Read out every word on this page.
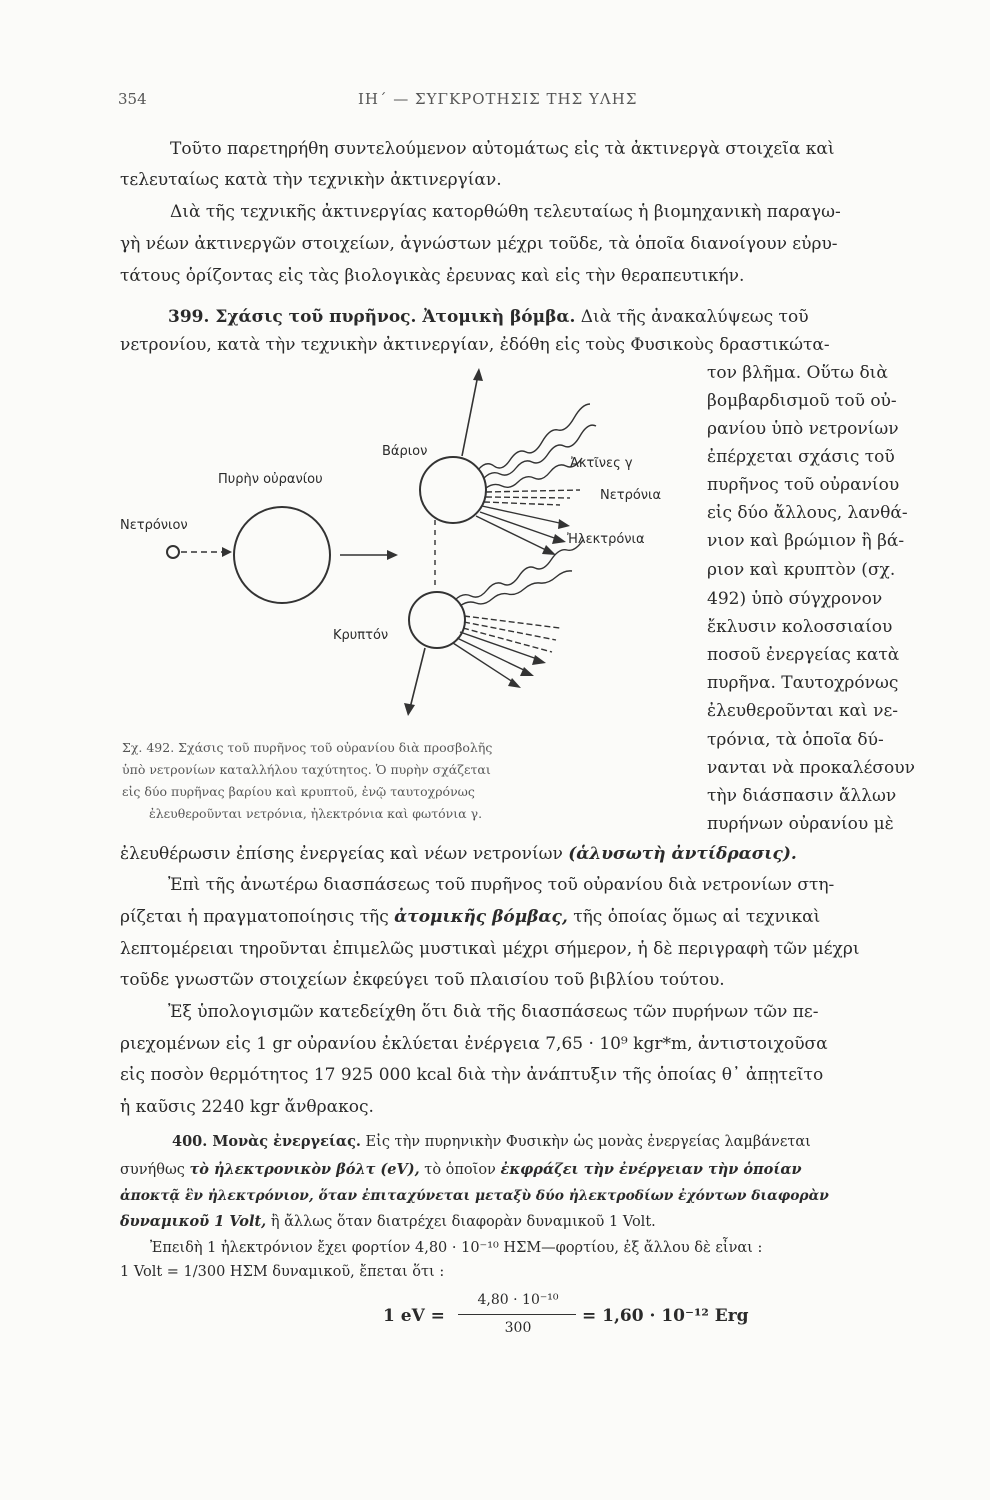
354	ΙΗ΄ — ΣΥΓΚΡΟΤΗΣΙΣ ΤΗΣ ΥΛΗΣ
Τοῦτο παρετηρήθη συντελούμενον αὐτομάτως εἰς τὰ ἀκτινεργὰ στοιχεῖα καὶ
τελευταίως κατὰ τὴν τεχνικὴν ἀκτινεργίαν.
Διὰ τῆς τεχνικῆς ἀκτινεργίας κατορθώθη τελευταίως ἡ βιομηχανικὴ παραγω-
γὴ νέων ἀκτινεργῶν στοιχείων, ἀγνώστων μέχρι τοῦδε, τὰ ὁποῖα διανοίγουν εὐρυ-
τάτους ὁρίζοντας εἰς τὰς βιολογικὰς ἐρευνας καὶ εἰς τὴν θεραπευτικήν.
399. Σχάσις τοῦ πυρῆνος. Ἀτομικὴ βόμβα. Διὰ τῆς ἀνακαλύψεως τοῦ
νετρονίου, κατὰ τὴν τεχνικὴν ἀκτινεργίαν, ἐδόθη εἰς τοὺς Φυσικοὺς δραστικώτα-
τον βλῆμα. Οὕτω διὰ
βομβαρδισμοῦ τοῦ οὐ-
ρανίου ὑπὸ νετρονίων
ἐπέρχεται σχάσις τοῦ
πυρῆνος τοῦ οὐρανίου
εἰς δύο ἄλλους, λανθά-
νιον καὶ βρώμιον ἢ βά-
ριον καὶ κρυπτὸν (σχ.
492) ὑπὸ σύγχρονον
ἔκλυσιν κολοσσιαίου
ποσοῦ ἐνεργείας κατὰ
πυρῆνα. Ταυτοχρόνως
ἐλευθεροῦνται καὶ νε-
τρόνια, τὰ ὁποῖα δύ-
νανται νὰ προκαλέσουν
τὴν διάσπασιν ἄλλων
πυρήνων οὐρανίου μὲ
Νετρόνιον
Πυρὴν οὐρανίου
Βάριον
Κρυπτόν
Ἀκτῖνες γ
Νετρόνια
Ἠλεκτρόνια
Σχ. 492. Σχάσις τοῦ πυρῆνος τοῦ οὐρανίου διὰ προσβολῆς
ὑπὸ νετρονίων καταλλήλου ταχύτητος. Ὁ πυρὴν σχάζεται
εἰς δύο πυρῆνας βαρίου καὶ κρυπτοῦ, ἐνῷ ταυτοχρόνως
ἐλευθεροῦνται νετρόνια, ἠλεκτρόνια καὶ φωτόνια γ.
ἐλευθέρωσιν ἐπίσης ἐνεργείας καὶ νέων νετρονίων (ἁλυσωτὴ ἀντίδρασις).
Ἐπὶ τῆς ἀνωτέρω διασπάσεως τοῦ πυρῆνος τοῦ οὐρανίου διὰ νετρονίων στη-
ρίζεται ἡ πραγματοποίησις τῆς ἀτομικῆς βόμβας, τῆς ὁποίας ὅμως αἱ τεχνικαὶ
λεπτομέρειαι τηροῦνται ἐπιμελῶς μυστικαὶ μέχρι σήμερον, ἡ δὲ περιγραφὴ τῶν μέχρι
τοῦδε γνωστῶν στοιχείων ἐκφεύγει τοῦ πλαισίου τοῦ βιβλίου τούτου.
Ἐξ ὑπολογισμῶν κατεδείχθη ὅτι διὰ τῆς διασπάσεως τῶν πυρήνων τῶν πε-
ριεχομένων εἰς 1 gr οὐρανίου ἐκλύεται ἐνέργεια 7,65 · 10⁹ kgr*m, ἀντιστοιχοῦσα
εἰς ποσὸν θερμότητος 17 925 000 kcal διὰ τὴν ἀνάπτυξιν τῆς ὁποίας θ᾽ ἀπῃτεῖτο
ἡ καῦσις 2240 kgr ἄνθρακος.
400. Μονὰς ἐνεργείας. Εἰς τὴν πυρηνικὴν Φυσικὴν ὡς μονὰς ἐνεργείας λαμβάνεται
συνήθως τὸ ἠλεκτρονικὸν βόλτ (eV), τὸ ὁποῖον ἐκφράζει τὴν ἐνέργειαν τὴν ὁποίαν
ἀποκτᾷ ἓν ἠλεκτρόνιον, ὅταν ἐπιταχύνεται μεταξὺ δύο ἠλεκτροδίων ἐχόντων διαφορὰν
δυναμικοῦ 1 Volt, ἢ ἄλλως ὅταν διατρέχει διαφορὰν δυναμικοῦ 1 Volt.
Ἐπειδὴ 1 ἠλεκτρόνιον ἔχει φορτίον 4,80 · 10⁻¹⁰ ΗΣΜ—φορτίου, ἐξ ἄλλου δὲ εἶναι :
1 Volt = 1/300 ΗΣΜ δυναμικοῦ, ἔπεται ὅτι :
1 eV =
4,80 · 10⁻¹⁰
300
= 1,60 · 10⁻¹² Erg
